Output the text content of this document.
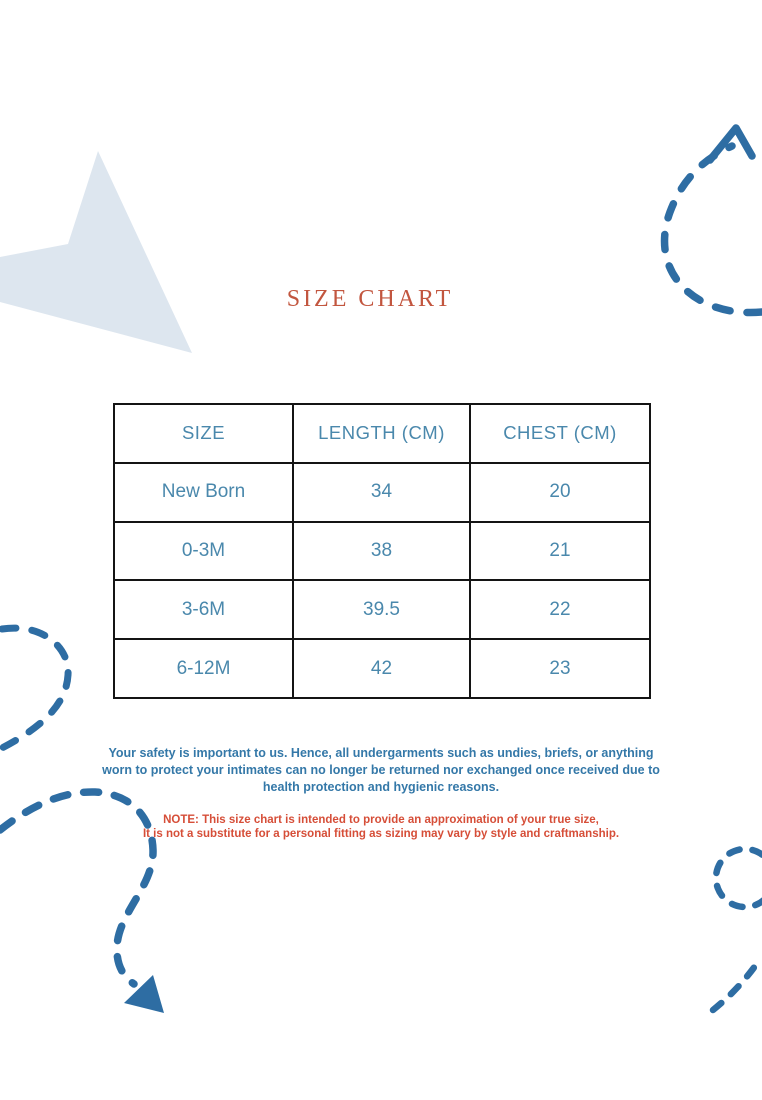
SIZE CHART
SIZE	LENGTH (CM)	CHEST (CM)
New Born	34	20
0-3M	38	21
3-6M	39.5	22
6-12M	42	23
Your safety is important to us. Hence, all undergarments such as undies, briefs, or anything
worn to protect your intimates can no longer be returned nor exchanged once received due to
health protection and hygienic reasons.
NOTE: This size chart is intended to provide an approximation of your true size,
It is not a substitute for a personal fitting as sizing may vary by style and craftmanship.
